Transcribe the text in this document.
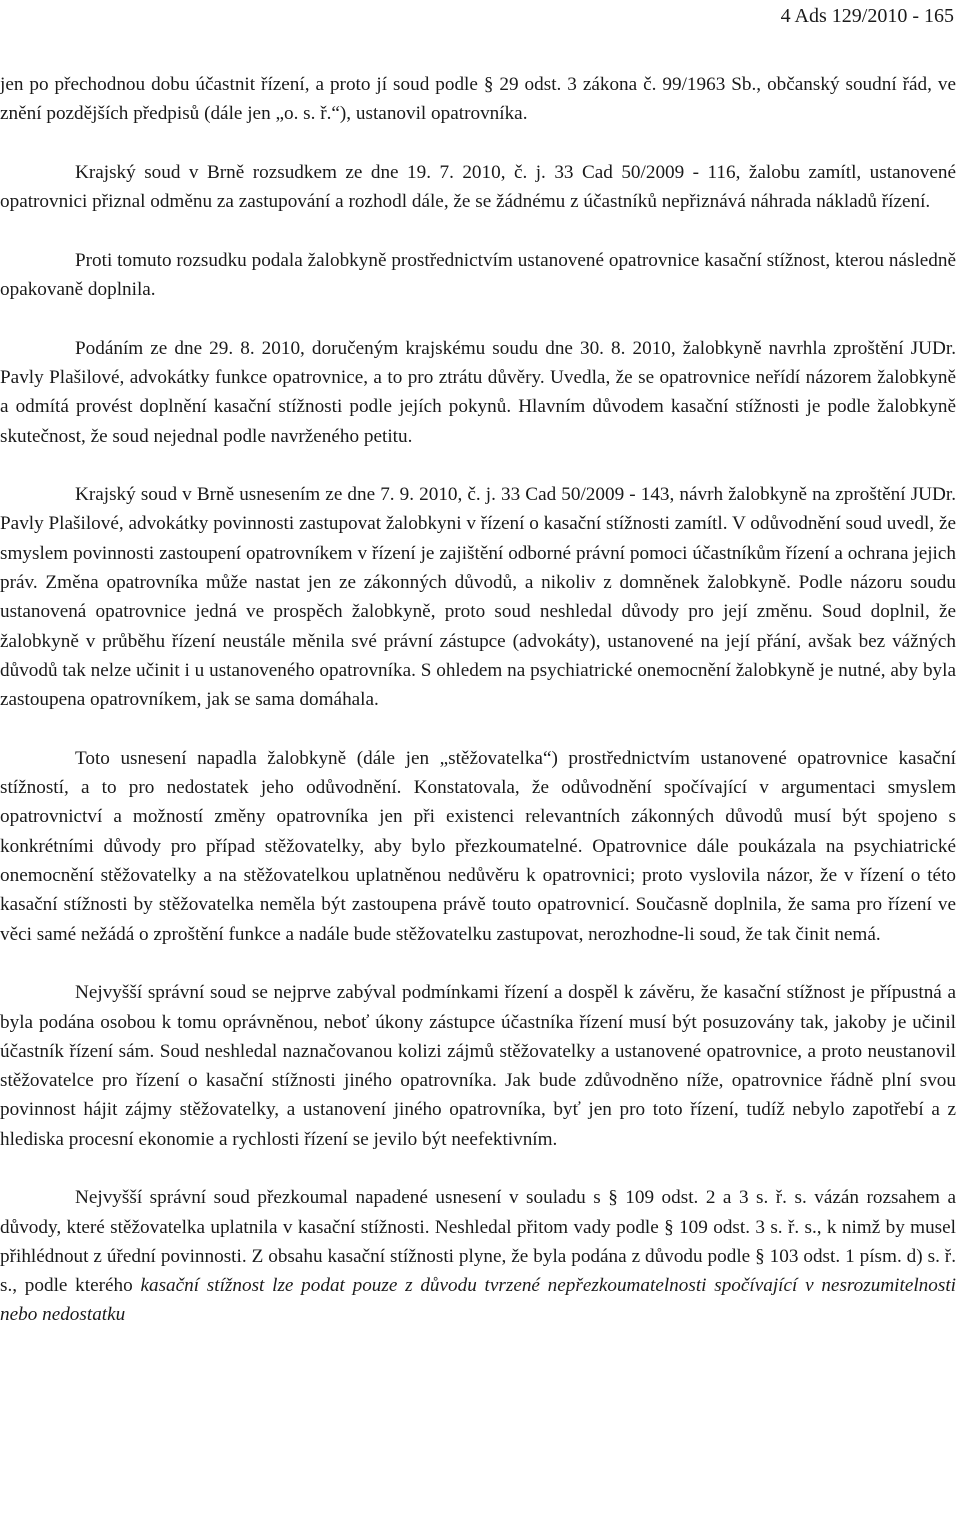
4 Ads 129/2010 - 165

jen po přechodnou dobu účastnit řízení, a proto jí soud podle § 29 odst. 3 zákona č. 99/1963 Sb., občanský soudní řád, ve znění pozdějších předpisů (dále jen „o. s. ř.“), ustanovil opatrovníka.

Krajský soud v Brně rozsudkem ze dne 19. 7. 2010, č. j. 33 Cad 50/2009 - 116, žalobu zamítl, ustanovené opatrovnici přiznal odměnu za zastupování a rozhodl dále, že se žádnému z účastníků nepřiznává náhrada nákladů řízení.

Proti tomuto rozsudku podala žalobkyně prostřednictvím ustanovené opatrovnice kasační stížnost, kterou následně opakovaně doplnila.

Podáním ze dne 29. 8. 2010, doručeným krajskému soudu dne 30. 8. 2010, žalobkyně navrhla zproštění JUDr. Pavly Plašilové, advokátky funkce opatrovnice, a to pro ztrátu důvěry. Uvedla, že se opatrovnice neřídí názorem žalobkyně a odmítá provést doplnění kasační stížnosti podle jejích pokynů. Hlavním důvodem kasační stížnosti je podle žalobkyně skutečnost, že soud nejednal podle navrženého petitu.

Krajský soud v Brně usnesením ze dne 7. 9. 2010, č. j. 33 Cad 50/2009 - 143, návrh žalobkyně na zproštění JUDr. Pavly Plašilové, advokátky povinnosti zastupovat žalobkyni v řízení o kasační stížnosti zamítl. V odůvodnění soud uvedl, že smyslem povinnosti zastoupení opatrovníkem v řízení je zajištění odborné právní pomoci účastníkům řízení a ochrana jejich práv. Změna opatrovníka může nastat jen ze zákonných důvodů, a nikoliv z domněnek žalobkyně. Podle názoru soudu ustanovená opatrovnice jedná ve prospěch žalobkyně, proto soud neshledal důvody pro její změnu. Soud doplnil, že žalobkyně v průběhu řízení neustále měnila své právní zástupce (advokáty), ustanovené na její přání, avšak bez vážných důvodů tak nelze učinit i u ustanoveného opatrovníka. S ohledem na psychiatrické onemocnění žalobkyně je nutné, aby byla zastoupena opatrovníkem, jak se sama domáhala.

Toto usnesení napadla žalobkyně (dále jen „stěžovatelka“) prostřednictvím ustanovené opatrovnice kasační stížností, a to pro nedostatek jeho odůvodnění. Konstatovala, že odůvodnění spočívající v argumentaci smyslem opatrovnictví a možností změny opatrovníka jen při existenci relevantních zákonných důvodů musí být spojeno s konkrétními důvody pro případ stěžovatelky, aby bylo přezkoumatelné. Opatrovnice dále poukázala na psychiatrické onemocnění stěžovatelky a na stěžovatelkou uplatněnou nedůvěru k opatrovnici; proto vyslovila názor, že v řízení o této kasační stížnosti by stěžovatelka neměla být zastoupena právě touto opatrovnicí. Současně doplnila, že sama pro řízení ve věci samé nežádá o zproštění funkce a nadále bude stěžovatelku zastupovat, nerozhodne-li soud, že tak činit nemá.

Nejvyšší správní soud se nejprve zabýval podmínkami řízení a dospěl k závěru, že kasační stížnost je přípustná a byla podána osobou k tomu oprávněnou, neboť úkony zástupce účastníka řízení musí být posuzovány tak, jakoby je učinil účastník řízení sám. Soud neshledal naznačovanou kolizi zájmů stěžovatelky a ustanovené opatrovnice, a proto neustanovil stěžovatelce pro řízení o kasační stížnosti jiného opatrovníka. Jak bude zdůvodněno níže, opatrovnice řádně plní svou povinnost hájit zájmy stěžovatelky, a ustanovení jiného opatrovníka, byť jen pro toto řízení, tudíž nebylo zapotřebí a z hlediska procesní ekonomie a rychlosti řízení se jevilo být neefektivním.

Nejvyšší správní soud přezkoumal napadené usnesení v souladu s § 109 odst. 2 a 3 s. ř. s. vázán rozsahem a důvody, které stěžovatelka uplatnila v kasační stížnosti. Neshledal přitom vady podle § 109 odst. 3 s. ř. s., k nimž by musel přihlédnout z úřední povinnosti. Z obsahu kasační stížnosti plyne, že byla podána z důvodu podle § 103 odst. 1 písm. d) s. ř. s., podle kterého kasační stížnost lze podat pouze z důvodu tvrzené nepřezkoumatelnosti spočívající v nesrozumitelnosti nebo nedostatku
